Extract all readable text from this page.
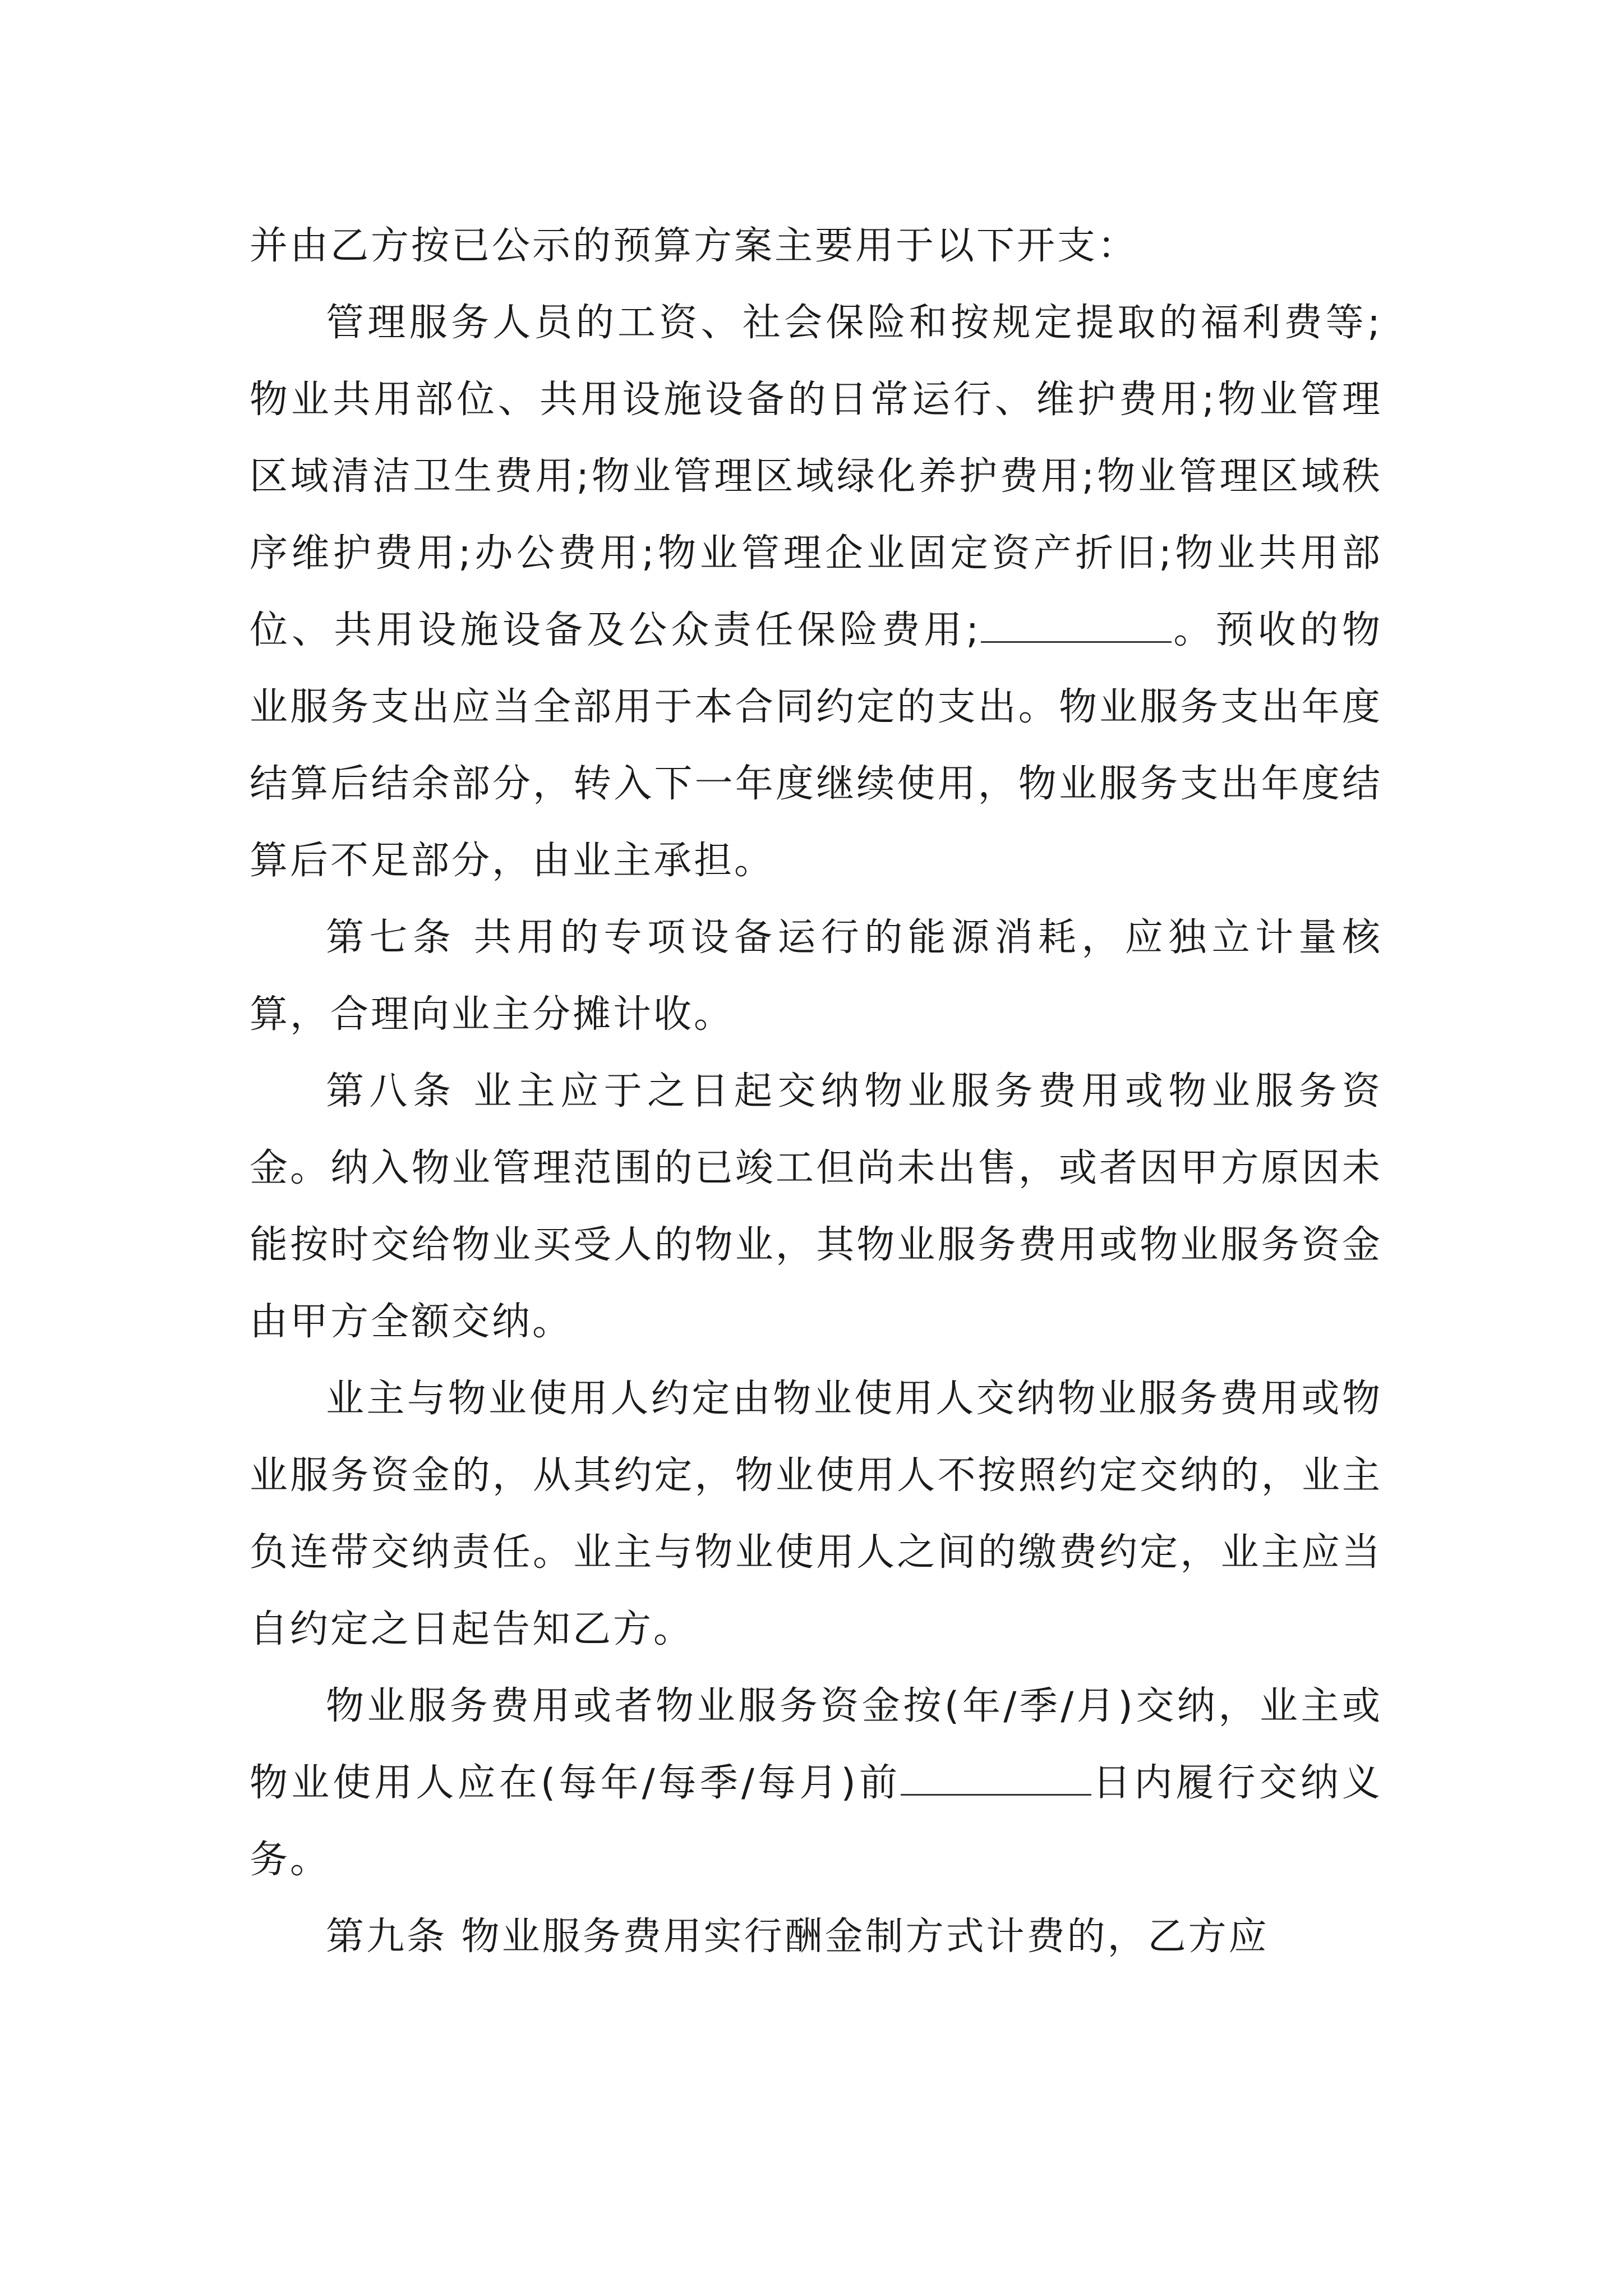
并由乙方按已公示的预算方案主要用于以下开支：

管理服务人员的工资、社会保险和按规定提取的福利费等;物业共用部位、共用设施设备的日常运行、维护费用;物业管理区域清洁卫生费用;物业管理区域绿化养护费用;物业管理区域秩序维护费用;办公费用;物业管理企业固定资产折旧;物业共用部位、共用设施设备及公众责任保险费用;	。预收的物业服务支出应当全部用于本合同约定的支出。物业服务支出年度结算后结余部分，转入下一年度继续使用，物业服务支出年度结算后不足部分，由业主承担。

第七条 共用的专项设备运行的能源消耗，应独立计量核算，合理向业主分摊计收。

第八条 业主应于之日起交纳物业服务费用或物业服务资金。纳入物业管理范围的已竣工但尚未出售，或者因甲方原因未能按时交给物业买受人的物业，其物业服务费用或物业服务资金由甲方全额交纳。

业主与物业使用人约定由物业使用人交纳物业服务费用或物业服务资金的，从其约定，物业使用人不按照约定交纳的，业主负连带交纳责任。业主与物业使用人之间的缴费约定，业主应当自约定之日起告知乙方。

物业服务费用或者物业服务资金按(年/季/月)交纳，业主或物业使用人应在(每年/每季/每月)前	日内履行交纳义务。

第九条 物业服务费用实行酬金制方式计费的，乙方应
